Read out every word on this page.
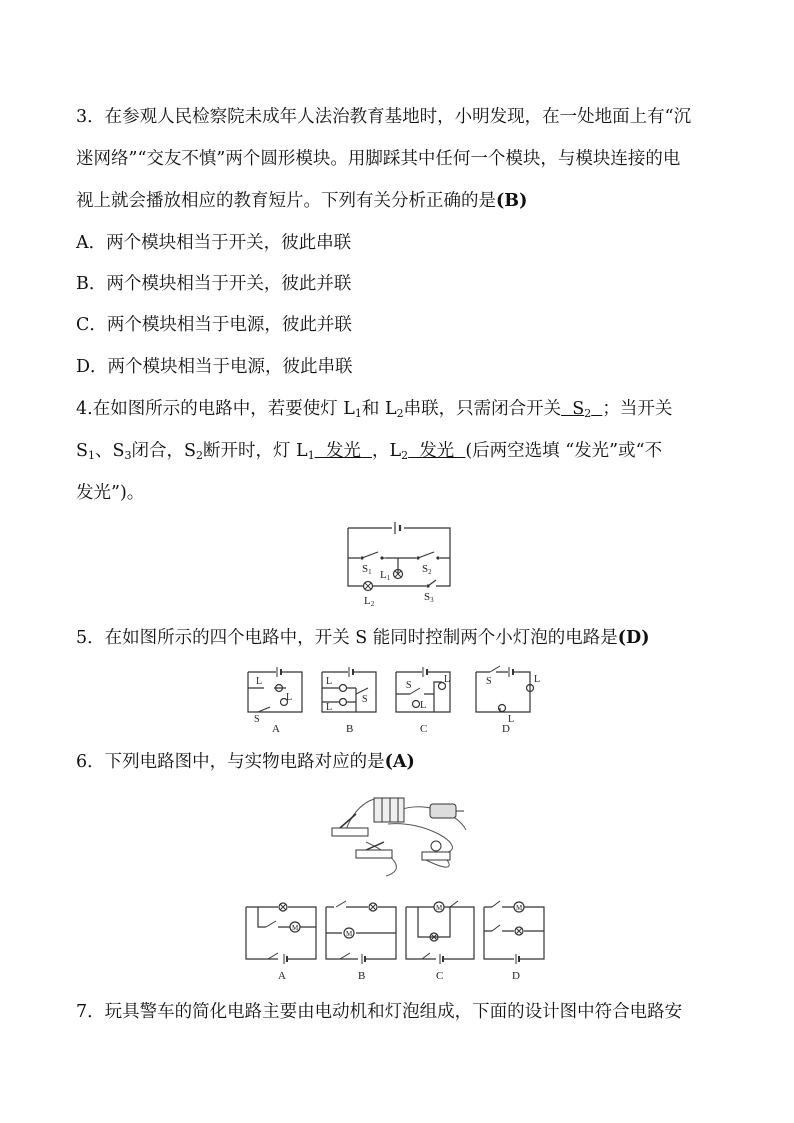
3．在参观人民检察院未成年人法治教育基地时，小明发现，在一处地面上有“沉
迷网络”“交友不慎”两个圆形模块。用脚踩其中任何一个模块，与模块连接的电
视上就会播放相应的教育短片。下列有关分析正确的是(B)
A．两个模块相当于开关，彼此串联
B．两个模块相当于开关，彼此并联
C．两个模块相当于电源，彼此并联
D．两个模块相当于电源，彼此串联
4.在如图所示的电路中，若要使灯 $L_1$和 $L_2$串联，只需闭合开关  $S_2$ ；当开关
$S_1$、$S_3$闭合，$S_2$断开时，灯 $L_1$  发光  ，$L_2$  发光  (后两空选填 “发光”或“不
发光”)。
S1	S2
S3
L1
L2
5．在如图所示的四个电路中，开关 S 能同时控制两个小灯泡的电路是(D)
L
L
S
A
L
L
S
B
S
L
L
C
S	L
L
D
6．下列电路图中，与实物电路对应的是(A)
M
A
M
B
M
C
M
D
7．玩具警车的简化电路主要由电动机和灯泡组成，下面的设计图中符合电路安
